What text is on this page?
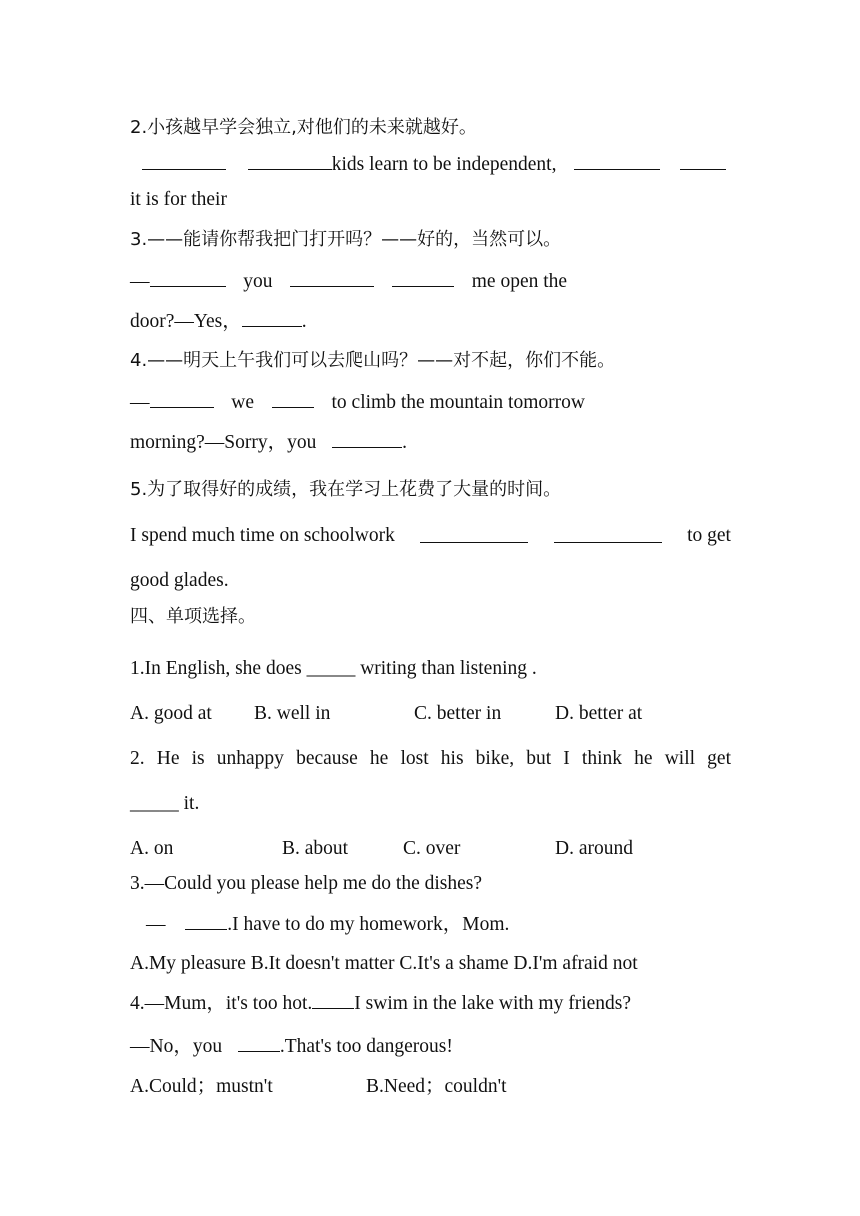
2.小孩越早学会独立,对他们的未来就越好。
kids learn to be independent,
it is for their
3.——能请你帮我把门打开吗？——好的，当然可以。
—	you	me open the
door?—Yes，	.
4.——明天上午我们可以去爬山吗？——对不起，你们不能。
—	we	to climb the mountain tomorrow
morning?—Sorry，you	.
5.为了取得好的成绩，我在学习上花费了大量的时间。
I spend much time on schoolwork	to get
good glades.
四、单项选择。
1.In English, she does _____ writing than listening .
A. good at B. well in	C. better in	D. better at
2. He is unhappy because he lost his bike, but I think he will get
_____ it.
A. on	B. about	C. over	D. around
3.—Could you please help me do the dishes?
—	.I have to do my homework，Mom.
A.My pleasure B.It doesn't matter C.It's a shame D.I'm afraid not
4.—Mum，it's too hot. I swim in the lake with my friends?
—No，you	.That's too dangerous!
A.Could；mustn't	B.Need；couldn't
